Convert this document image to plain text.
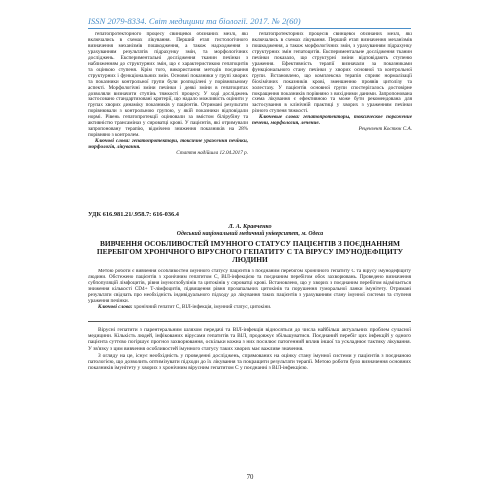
ISSN 2079-8334. Світ медицини та біології. 2017. № 2(60)

гепатопротекторного процесу свинцевої обізнаних мезлі, які включались в схемах лікування. Перший етап гистологічного визначення механізмів пошкодження, а також надходження з урахуванням результатів підрахунку змін, та морфологічних досліджень. Експериментальні дослідження тканин печінки з наближенням до структурних змін, що є характеристикою гепатоцитів та оцінкою ступеня. Крім того, використання методів поєднання структурних і функціональних змін. Основні показники у групі хворих та показники контрольної групи були розподілені у порівняльному аспекті. Морфологічні зміни печінки і деякі зміни в гепатоцитах дозволяли визначити ступінь тяжкості процесу. У ході досліджень застосовано стандартизовані критерії, що надало можливість оцінити у групах хворих динаміку показників у пацієнтів. Отримані результати порівнювали з контрольною групою, у якій показники відповідали нормі. Рівень гепатопротекції оцінювали за вмістом білірубіну та активністю трансаміназ у сироватці крові. У пацієнтів, які отримували запропоновану терапію, відмічено зниження показників на 28% порівняно з контролем.

Ключові слова: гепатопротектори, токсичне ураження печінки, морфологія, лікування.

Стаття надійшла 12.04.2017 р.

гепатопротекторних процесів свинцевої обізнаних мезлі, які включались в схемах лікування. Перший етап визначення механізмів пошкодження, а також морфологічних змін, з урахуванням підрахунку структурних змін гепатоцитів. Експериментальне дослідження тканин печінки показало, що структурні зміни відповідають ступеню ураження. Ефективність терапії визначали за показниками функціонального стану печінки у хворих основної та контрольної групи. Встановлено, що комплексна терапія сприяє нормалізації біохімічних показників крові, зменшенню проявів цитолізу та холестазу. У пацієнтів основної групи спостерігалось достовірне покращення показників порівняно з вихідними даними. Запропонована схема лікування є ефективною та може бути рекомендована для застосування в клінічній практиці у хворих з ураженням печінки різного ступеня тяжкості.

Ключевые слова: гепатопротекторы, токсическое поражение печени, морфология, лечение.

Рецензент Костюк С.А.

УДК 616.981.21/.958.7: 616-036.4
Л. А. Кравченко
Одеський національний медичний університет, м. Одеса
ВИВЧЕННЯ ОСОБЛИВОСТЕЙ ІМУННОГО СТАТУСУ ПАЦІЄНТІВ З ПОЄДНАННЯМ ПЕРЕБІГОМ ХРОНІЧНОГО ВІРУСНОГО ГЕПАТИТУ С ТА ВІРУСУ ІМУНОДЕФІЦИТУ ЛЮДИНИ

Метою роботи є вивчення особливостей імунного статусу пацієнтів з поєднаним перебігом хронічного гепатиту С та вірусу імунодефіциту людини. Обстежено пацієнтів з хронічним гепатитом С, ВІЛ-інфекцією та поєднаним перебігом обох захворювань. Проведено визначення субпопуляцій лімфоцитів, рівня імуноглобулінів та цитокінів у сироватці крові. Встановлено, що у хворих з поєднаним перебігом відмічається зниження кількості CD4+ Т-лімфоцитів, підвищення рівня прозапальних цитокінів та порушення гуморальної ланки імунітету. Отримані результати свідчать про необхідність індивідуального підходу до лікування таких пацієнтів з урахуванням стану імунної системи та ступеня ураження печінки.

Ключові слова: хронічний гепатит С, ВІЛ-інфекція, імунний статус, цитокіни.

Вірусні гепатити з парентеральним шляхом передачі та ВІЛ-інфекція відносяться до числа найбільш актуальних проблем сучасної медицини. Кількість людей, інфікованих вірусами гепатитів та ВІЛ, продовжує збільшуватися. Поєднаний перебіг цих інфекцій у одного пацієнта суттєво погіршує прогноз захворювання, оскільки кожна з них посилює патогенний вплив іншої та ускладнює тактику лікування. У зв'язку з цим вивчення особливостей імунного статусу таких хворих має важливе значення.

З огляду на це, існує необхідність у проведенні досліджень, спрямованих на оцінку стану імунної системи у пацієнтів з поєднаною патологією, що дозволить оптимізувати підходи до їх лікування та покращити результати терапії. Метою роботи було визначення основних показників імунітету у хворих з хронічним вірусним гепатитом С у поєднанні з ВІЛ-інфекцією.

70
